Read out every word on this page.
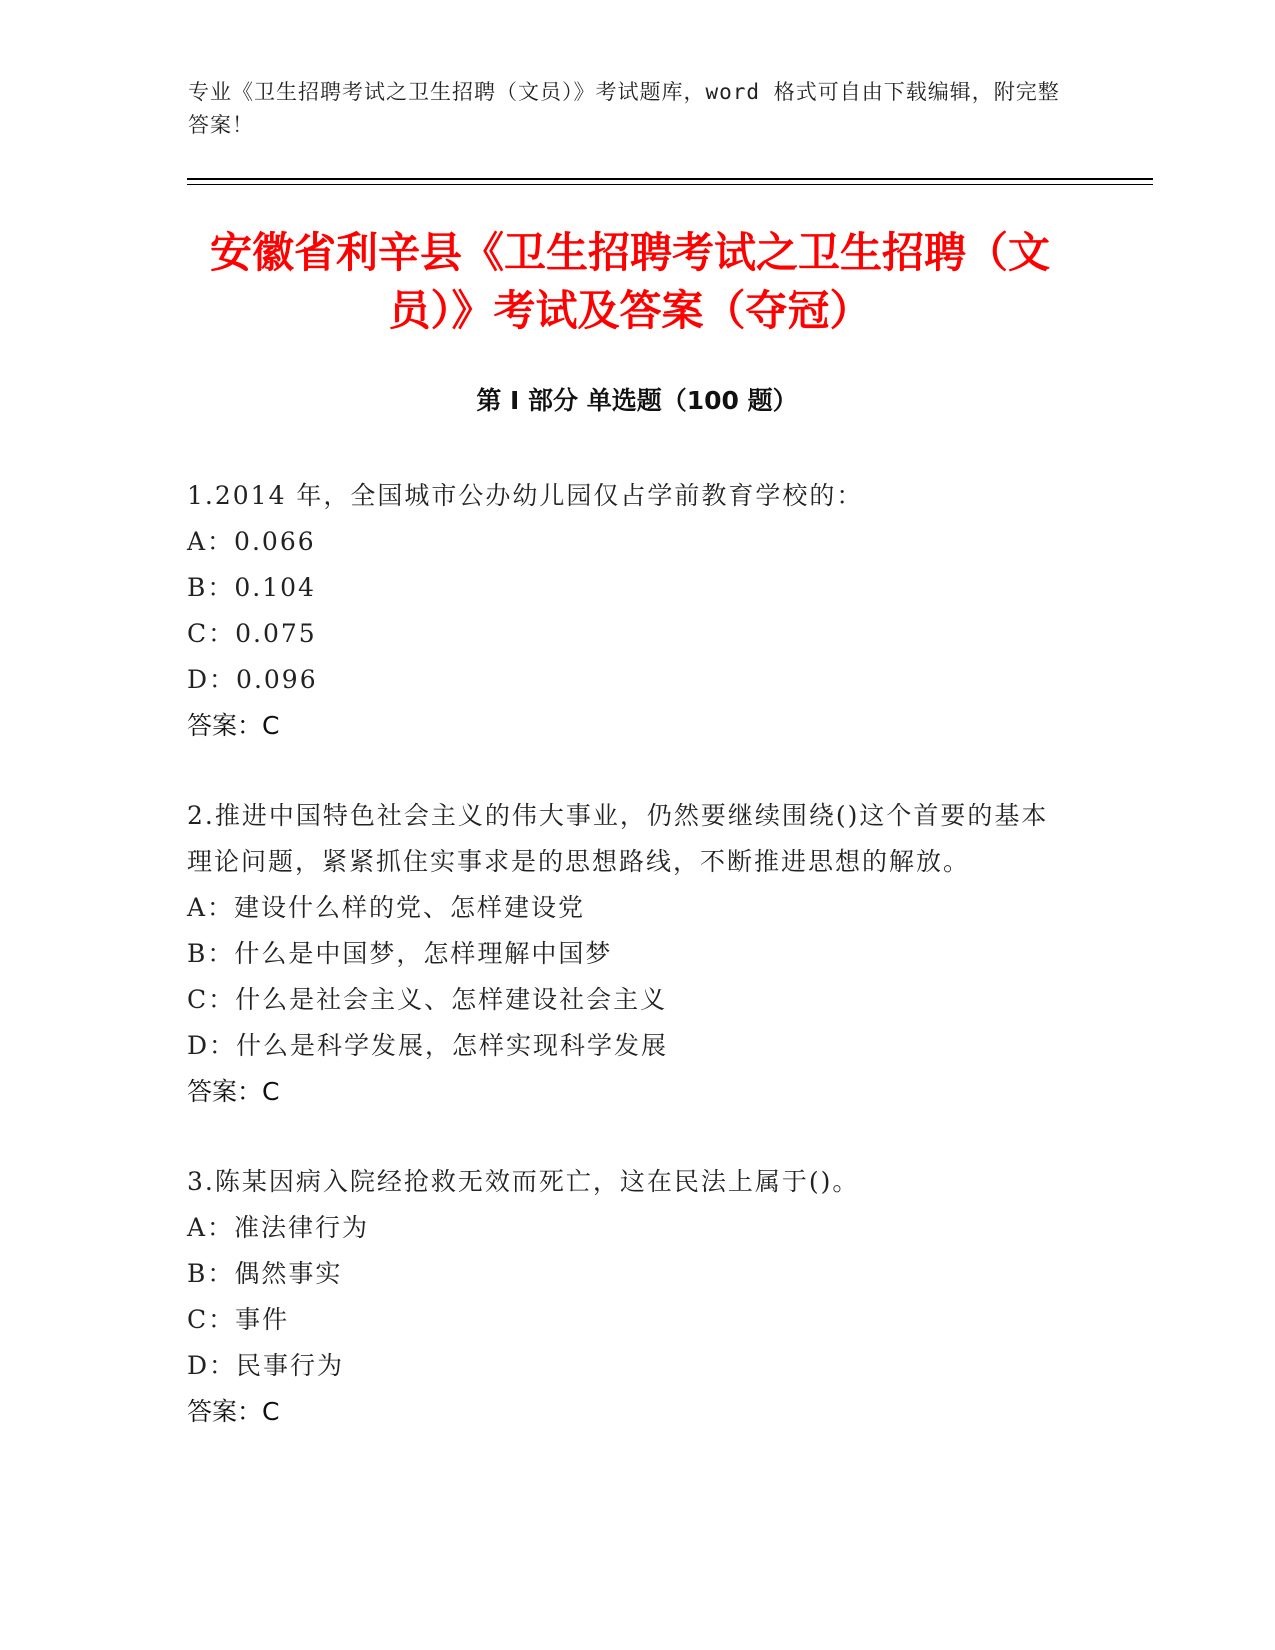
专业《卫生招聘考试之卫生招聘（文员）》考试题库，word 格式可自由下载编辑，附完整答案！
安徽省利辛县《卫生招聘考试之卫生招聘（文员）》考试及答案（夺冠）
第 I 部分 单选题（100 题）
1.2014 年，全国城市公办幼儿园仅占学前教育学校的：
A：0.066
B：0.104
C：0.075
D：0.096
答案：C
2.推进中国特色社会主义的伟大事业，仍然要继续围绕()这个首要的基本理论问题，紧紧抓住实事求是的思想路线，不断推进思想的解放。
A：建设什么样的党、怎样建设党
B：什么是中国梦，怎样理解中国梦
C：什么是社会主义、怎样建设社会主义
D：什么是科学发展，怎样实现科学发展
答案：C
3.陈某因病入院经抢救无效而死亡，这在民法上属于()。
A：准法律行为
B：偶然事实
C：事件
D：民事行为
答案：C
